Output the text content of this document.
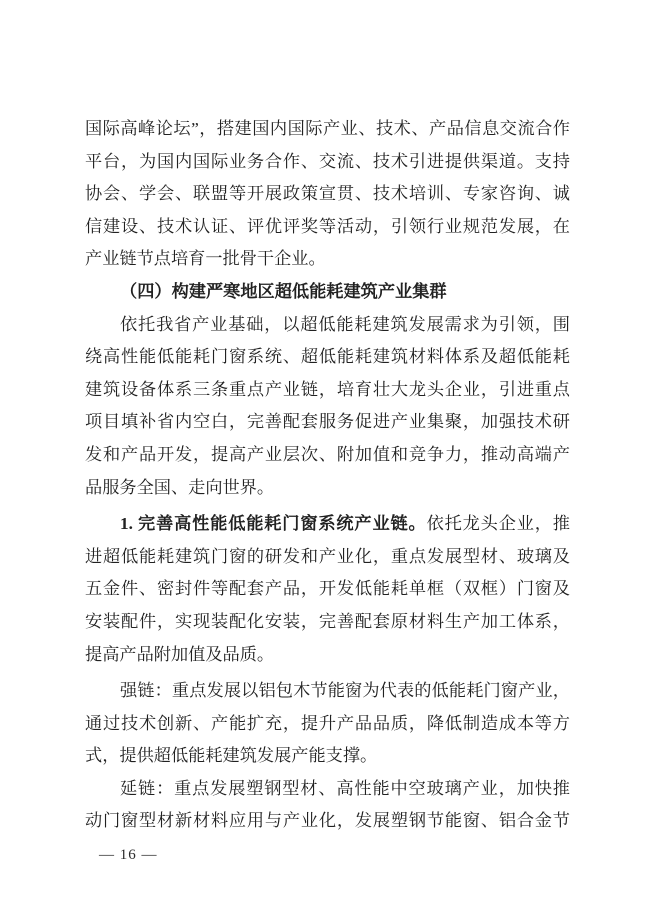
国际高峰论坛”，搭建国内国际产业、技术、产品信息交流合作
平台，为国内国际业务合作、交流、技术引进提供渠道。支持
协会、学会、联盟等开展政策宣贯、技术培训、专家咨询、诚
信建设、技术认证、评优评奖等活动，引领行业规范发展，在
产业链节点培育一批骨干企业。
（四）构建严寒地区超低能耗建筑产业集群
依托我省产业基础，以超低能耗建筑发展需求为引领，围
绕高性能低能耗门窗系统、超低能耗建筑材料体系及超低能耗
建筑设备体系三条重点产业链，培育壮大龙头企业，引进重点
项目填补省内空白，完善配套服务促进产业集聚，加强技术研
发和产品开发，提高产业层次、附加值和竞争力，推动高端产
品服务全国、走向世界。
1. 完善高性能低能耗门窗系统产业链。依托龙头企业，推
进超低能耗建筑门窗的研发和产业化，重点发展型材、玻璃及
五金件、密封件等配套产品，开发低能耗单框（双框）门窗及
安装配件，实现装配化安装，完善配套原材料生产加工体系，
提高产品附加值及品质。
强链：重点发展以铝包木节能窗为代表的低能耗门窗产业，
通过技术创新、产能扩充，提升产品品质，降低制造成本等方
式，提供超低能耗建筑发展产能支撑。
延链：重点发展塑钢型材、高性能中空玻璃产业，加快推
动门窗型材新材料应用与产业化，发展塑钢节能窗、铝合金节
— 16 —
